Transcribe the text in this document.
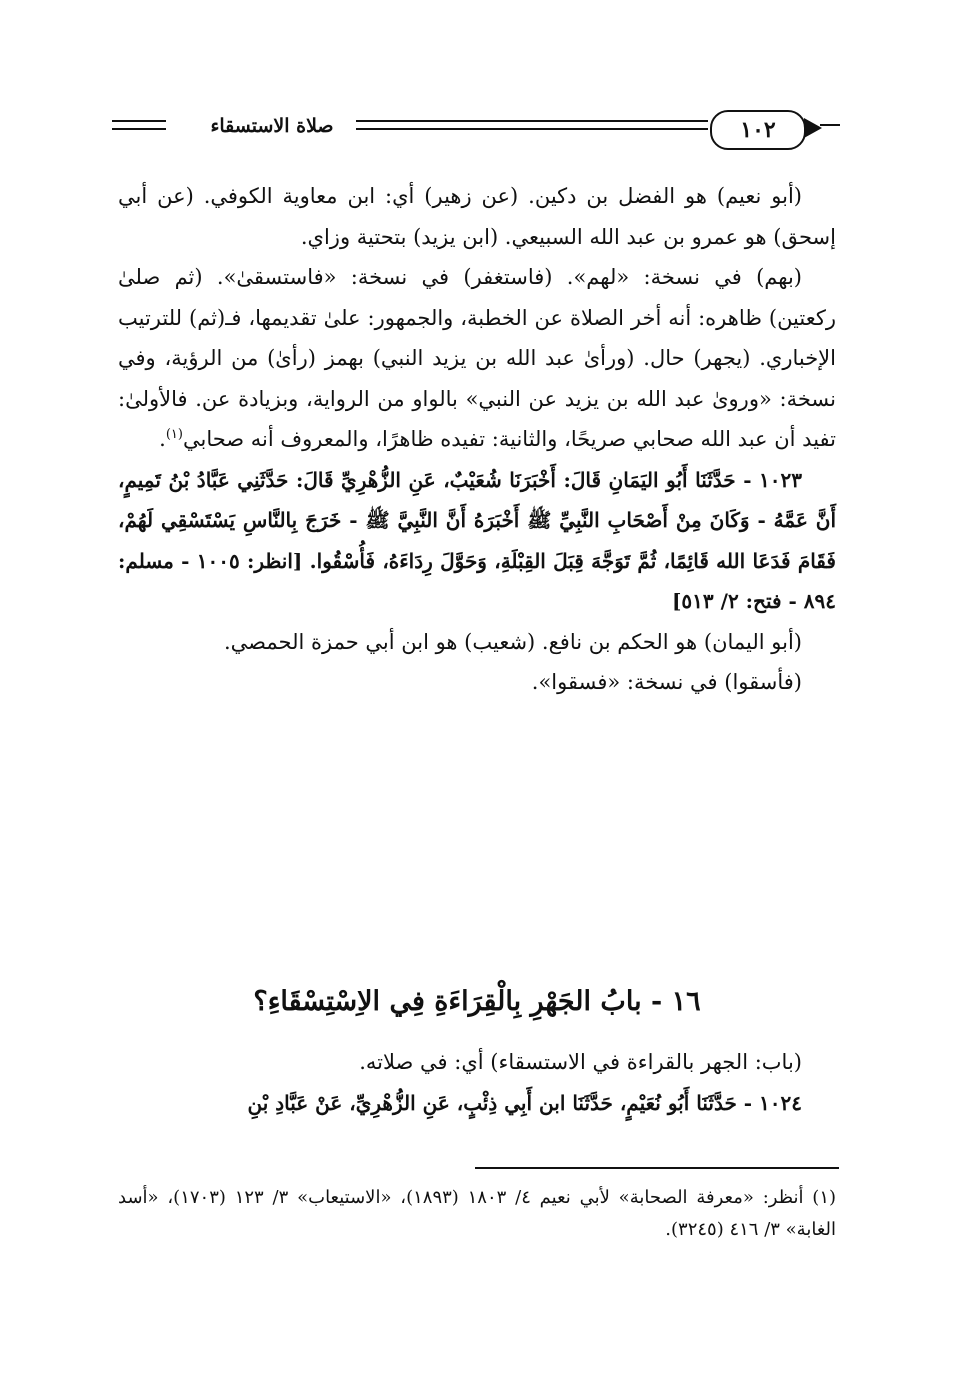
صلاة الاستسقاء	١٠٢

(أبو نعيم) هو الفضل بن دكين. (عن زهير) أي: ابن معاوية الكوفي. (عن أبي إسحق) هو عمرو بن عبد الله السبيعي. (ابن يزيد) بتحتية وزاي.

(بهم) في نسخة: «لهم». (فاستغفر) في نسخة: «فاستسقىٰ». (ثم صلىٰ ركعتين) ظاهره: أنه أخر الصلاة عن الخطبة، والجمهور: علىٰ تقديمها، فـ(ثم) للترتيب الإخباري. (يجهر) حال. (ورأىٰ عبد الله بن يزيد النبي) بهمز (رأىٰ) من الرؤية، وفي نسخة: «وروىٰ عبد الله بن يزيد عن النبي» بالواو من الرواية، وبزيادة عن. فالأولىٰ: تفيد أن عبد الله صحابي صريحًا، والثانية: تفيده ظاهرًا، والمعروف أنه صحابي$^{(١)}$.

١٠٢٣ - حَدَّثَنَا أَبُو اليَمَانِ قَالَ: أَخْبَرَنَا شُعَيْبٌ، عَنِ الزُّهْرِيِّ قَالَ: حَدَّثَنِي عَبَّادُ بْنُ تَمِيمٍ، أَنَّ عَمَّهُ - وَكَانَ مِنْ أَصْحَابِ النَّبِيِّ ﷺ أَخْبَرَهُ أَنَّ النَّبِيَّ ﷺ - خَرَجَ بِالنَّاسِ يَسْتَسْقِي لَهُمْ، فَقَامَ فَدَعَا الله قَائِمًا، ثُمَّ تَوَجَّهَ قِبَلَ القِبْلَةِ، وَحَوَّلَ رِدَاءَهُ، فَأُسْقُوا. [انظر: ١٠٠٥ - مسلم: ٨٩٤ - فتح: ٢/ ٥١٣]

(أبو اليمان) هو الحكم بن نافع. (شعيب) هو ابن أبي حمزة الحمصي.

(فأسقوا) في نسخة: «فسقوا».

١٦ - بابُ الجَهْرِ بِالْقِرَاءَةِ فِي الاِسْتِسْقَاءِ؟

(باب: الجهر بالقراءة في الاستسقاء) أي: في صلاته.

١٠٢٤ - حَدَّثَنَا أَبُو نُعَيْمٍ، حَدَّثَنَا ابن أَبِي ذِئْبٍ، عَنِ الزُّهْرِيِّ، عَنْ عَبَّادِ بْنِ

(١) أنظر: «معرفة الصحابة» لأبي نعيم ٤/ ١٨٠٣ (١٨٩٣)، «الاستيعاب» ٣/ ١٢٣ (١٧٠٣)، «أسد الغابة» ٣/ ٤١٦ (٣٢٤٥).
